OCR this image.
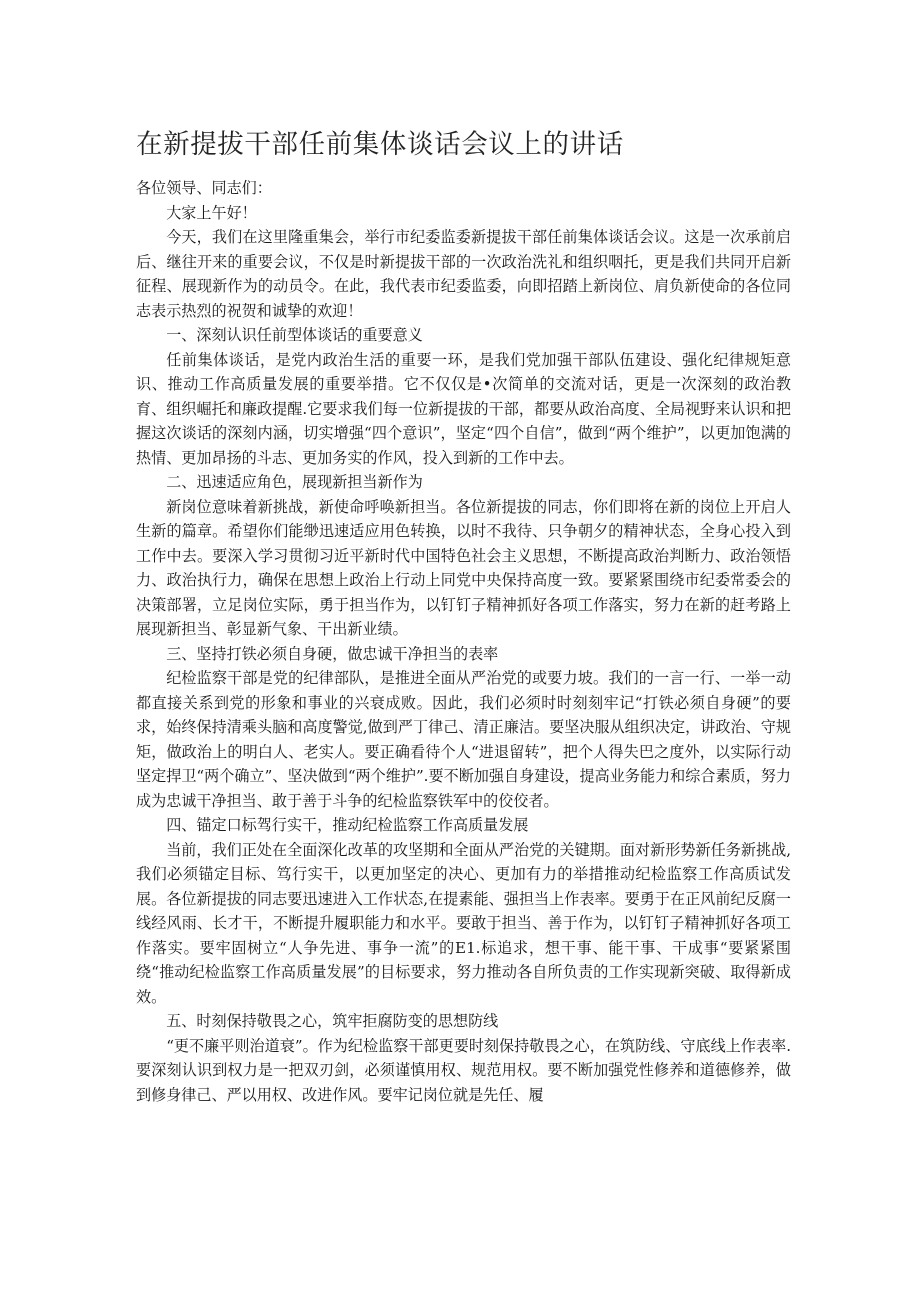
在新提拔干部任前集体谈话会议上的讲话

各位领导、同志们：

大家上午好！

今天，我们在这里隆重集会，举行市纪委监委新提拔干部任前集体谈话会议。这是一次承前启后、继往开来的重要会议，不仅是时新提拔干部的一次政治洗礼和组织咽托，更是我们共同开启新征程、展现新作为的动员令。在此，我代表市纪委监委，向即招踏上新岗位、肩负新使命的各位同志表示热烈的祝贺和诚挚的欢迎！

一、深刻认识任前型体谈话的重要意义

任前集体谈话，是党内政治生活的重要一环，是我们党加强干部队伍建设、强化纪律规矩意识、推动工作高质量发展的重要举措。它不仅仅是•次简单的交流对话，更是一次深刻的政治教育、组织崛托和廉政提醒.它要求我们每一位新提拔的干部，都要从政治高度、全局视野来认识和把握这次谈话的深刻内涵，切实增强“四个意识”，坚定“四个自信”，做到“两个维护”，以更加饱满的热情、更加昂扬的斗志、更加务实的作风，投入到新的工作中去。

二、迅速适应角色，展现新担当新作为

新岗位意味着新挑战，新使命呼唤新担当。各位新提拔的同志，你们即将在新的岗位上开启人生新的篇章。希望你们能缈迅速适应用色转换，以时不我待、只争朝夕的精神状态，全身心投入到工作中去。要深入学习贯彻习近平新时代中国特色社会主义思想，不断提高政治判断力、政治领悟力、政治执行力，确保在思想上政治上行动上同党中央保持高度一致。要紧紧围绕市纪委常委会的决策部署，立足岗位实际，勇于担当作为，以钉钉子精神抓好各项工作落实，努力在新的赶考路上展现新担当、彰显新气象、干出新业绩。

三、坚持打铁必须自身硬，做忠诚干净担当的表率

纪检监察干部是党的纪律部队，是推进全面从严治党的或要力坡。我们的一言一行、一举一动都直接关系到党的形象和事业的兴衰成败。因此，我们必须时时刻刻牢记“打铁必须自身硬”的要求，始终保持清乘头脑和高度警觉,做到严丁律己、清正廉洁。要坚决服从组织决定，讲政治、守规矩，做政治上的明白人、老实人。要正确看待个人“进退留转”，把个人得失巴之度外，以实际行动坚定捍卫“两个确立”、坚决做到“两个维护”.要不断加强自身建设，提高业务能力和综合素质，努力成为忠诚干净担当、敢于善于斗争的纪检监察铁军中的佼佼者。

四、锚定口标驾行实干，推动纪检监察工作高质量发展

当前，我们正处在全面深化改革的攻坚期和全面从严治党的关键期。面对新形势新任务新挑战,我们必须锚定目标、笃行实干，以更加坚定的决心、更加有力的举措推动纪检监察工作高质试发展。各位新提拔的同志要迅速进入工作状态,在提素能、强担当上作表率。要勇于在正风前纪反腐一线经风雨、长才干，不断提升履职能力和水平。要敢于担当、善于作为，以钉钉子精神抓好各项工作落实。要牢固树立“人争先进、事争一流”的E1.标追求，想干事、能干事、干成事“要紧紧围绕“推动纪检监察工作高质量发展”的目标要求，努力推动各自所负责的工作实现新突破、取得新成效。

五、时刻保持敬畏之心，筑牢拒腐防变的思想防线

“更不廉平则治道衰”。作为纪检监察干部更要时刻保持敬畏之心，在筑防线、守底线上作表率.要深刻认识到权力是一把双刃剑，必须谨慎用权、规范用权。要不断加强党性修养和道德修养，做到修身律己、严以用权、改进作风。要牢记岗位就是先任、履
